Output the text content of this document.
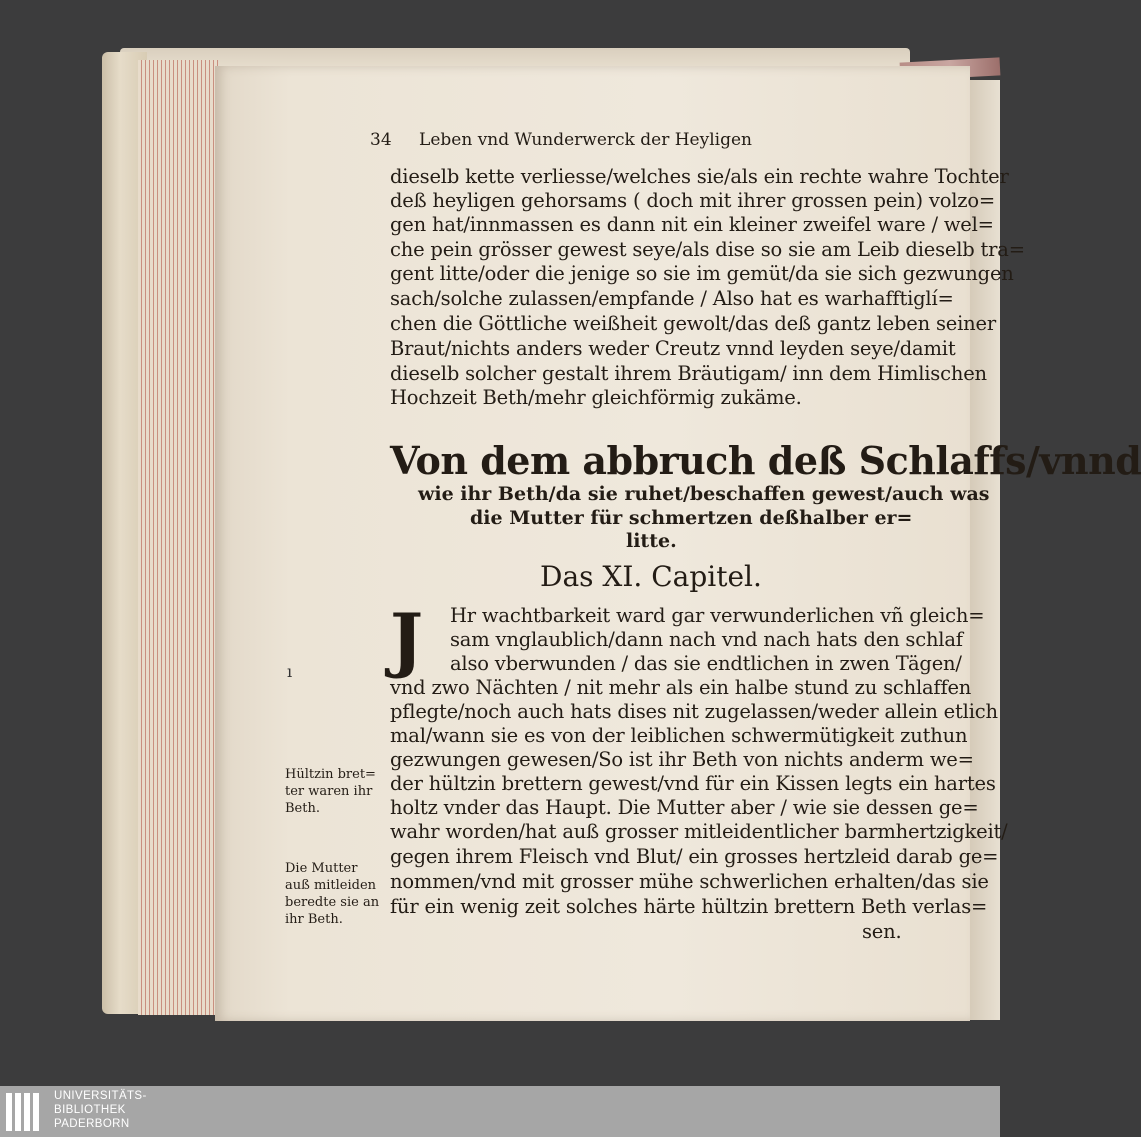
34 Leben vnd Wunderwerck der Heyligen
dieselb kette verliesse/welches sie/als ein rechte wahre Tochter
deß heyligen gehorsams ( doch mit ihrer grossen pein) volzo=
gen hat/innmassen es dann nit ein kleiner zweifel ware / wel=
che pein grösser gewest seye/als dise so sie am Leib dieselb tra=
gent litte/oder die jenige so sie im gemüt/da sie sich gezwungen
sach/solche zulassen/empfande / Also hat es warhafftiglí=
chen die Göttliche weißheit gewolt/das deß gantz leben seiner
Braut/nichts anders weder Creutz vnnd leyden seye/damit
dieselb solcher gestalt ihrem Bräutigam/ inn dem Himlischen
Hochzeit Beth/mehr gleichförmig zukäme.
Von dem abbruch deß Schlaffs/vnnd
wie ihr Beth/da sie ruhet/beschaffen gewest/auch was
die Mutter für schmertzen deßhalber er=
litte.
Das XI. Capitel.
J Hr wachtbarkeit ward gar verwunderlichen vñ gleich=
sam vnglaublich/dann nach vnd nach hats den schlaf
also vberwunden / das sie endtlichen in zwen Tägen/
vnd zwo Nächten / nit mehr als ein halbe stund zu schlaffen
pflegte/noch auch hats dises nit zugelassen/weder allein etlich
mal/wann sie es von der leiblichen schwermütigkeit zuthun
gezwungen gewesen/So ist ihr Beth von nichts anderm we=
der hültzin brettern gewest/vnd für ein Kissen legts ein hartes
holtz vnder das Haupt. Die Mutter aber / wie sie dessen ge=
wahr worden/hat auß grosser mitleidentlicher barmhertzigkeit/
gegen ihrem Fleisch vnd Blut/ ein grosses hertzleid darab ge=
nommen/vnd mit grosser mühe schwerlichen erhalten/das sie
für ein wenig zeit solches härte hültzin brettern Beth verlas=
sen.
ı
Hültzin bret=
ter waren ihr
Beth.
Die Mutter
auß mitleiden
beredte sie an
ihr Beth.
UNIVERSITÄTS-
BIBLIOTHEK
PADERBORN
